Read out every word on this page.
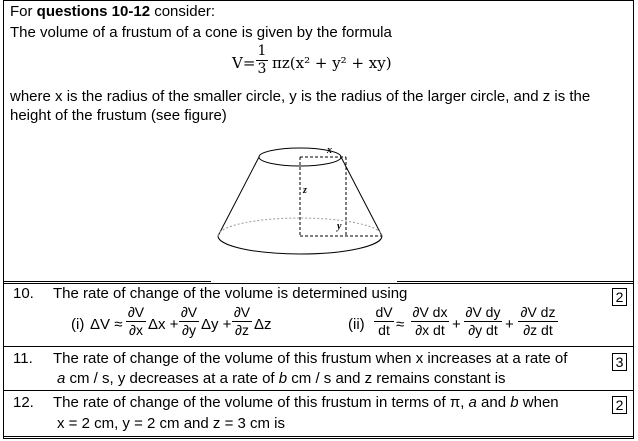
For questions 10-12 consider:
The volume of a frustum of a cone is given by the formula
V=
1
3 πz(x² + y² + xy)
where x is the radius of the smaller circle, y is the radius of the larger circle, and z is the
height of the frustum (see figure)
x
z
y
10. The rate of change of the volume is determined using	2
(i) ΔV ≈
∂V
∂x Δx +
∂V
∂y Δy +
∂V
∂z Δz	(ii)
dV
dt ≈
∂V dx
∂x dt +
∂V dy
∂y dt +
∂V dz
∂z dt
11. The rate of change of the volume of this frustum when x increases at a rate of
a cm / s, y decreases at a rate of b cm / s and z remains constant is
3
12. The rate of change of the volume of this frustum in terms of π, a and b when
x = 2 cm, y = 2 cm and z = 3 cm is
2
